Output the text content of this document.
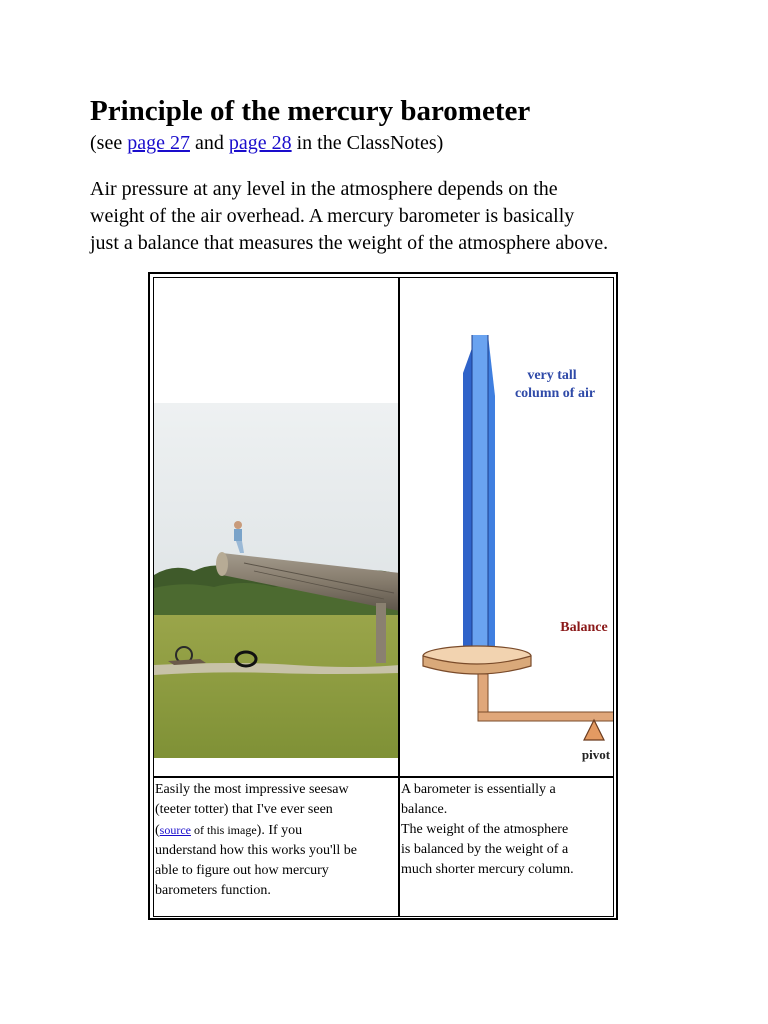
Principle of the mercury barometer
(see page 27 and page 28 in the ClassNotes)
Air pressure at any level in the atmosphere depends on the
weight of the air overhead. A mercury barometer is basically
just a balance that measures the weight of the atmosphere above.
very tall
column of air
Balance
pivot
Easily the most impressive seesaw
(teeter totter) that I've ever seen
(source of this image). If you
understand how this works you'll be
able to figure out how mercury
barometers function.
A barometer is essentially a
balance.
The weight of the atmosphere
is balanced by the weight of a
much shorter mercury column.
